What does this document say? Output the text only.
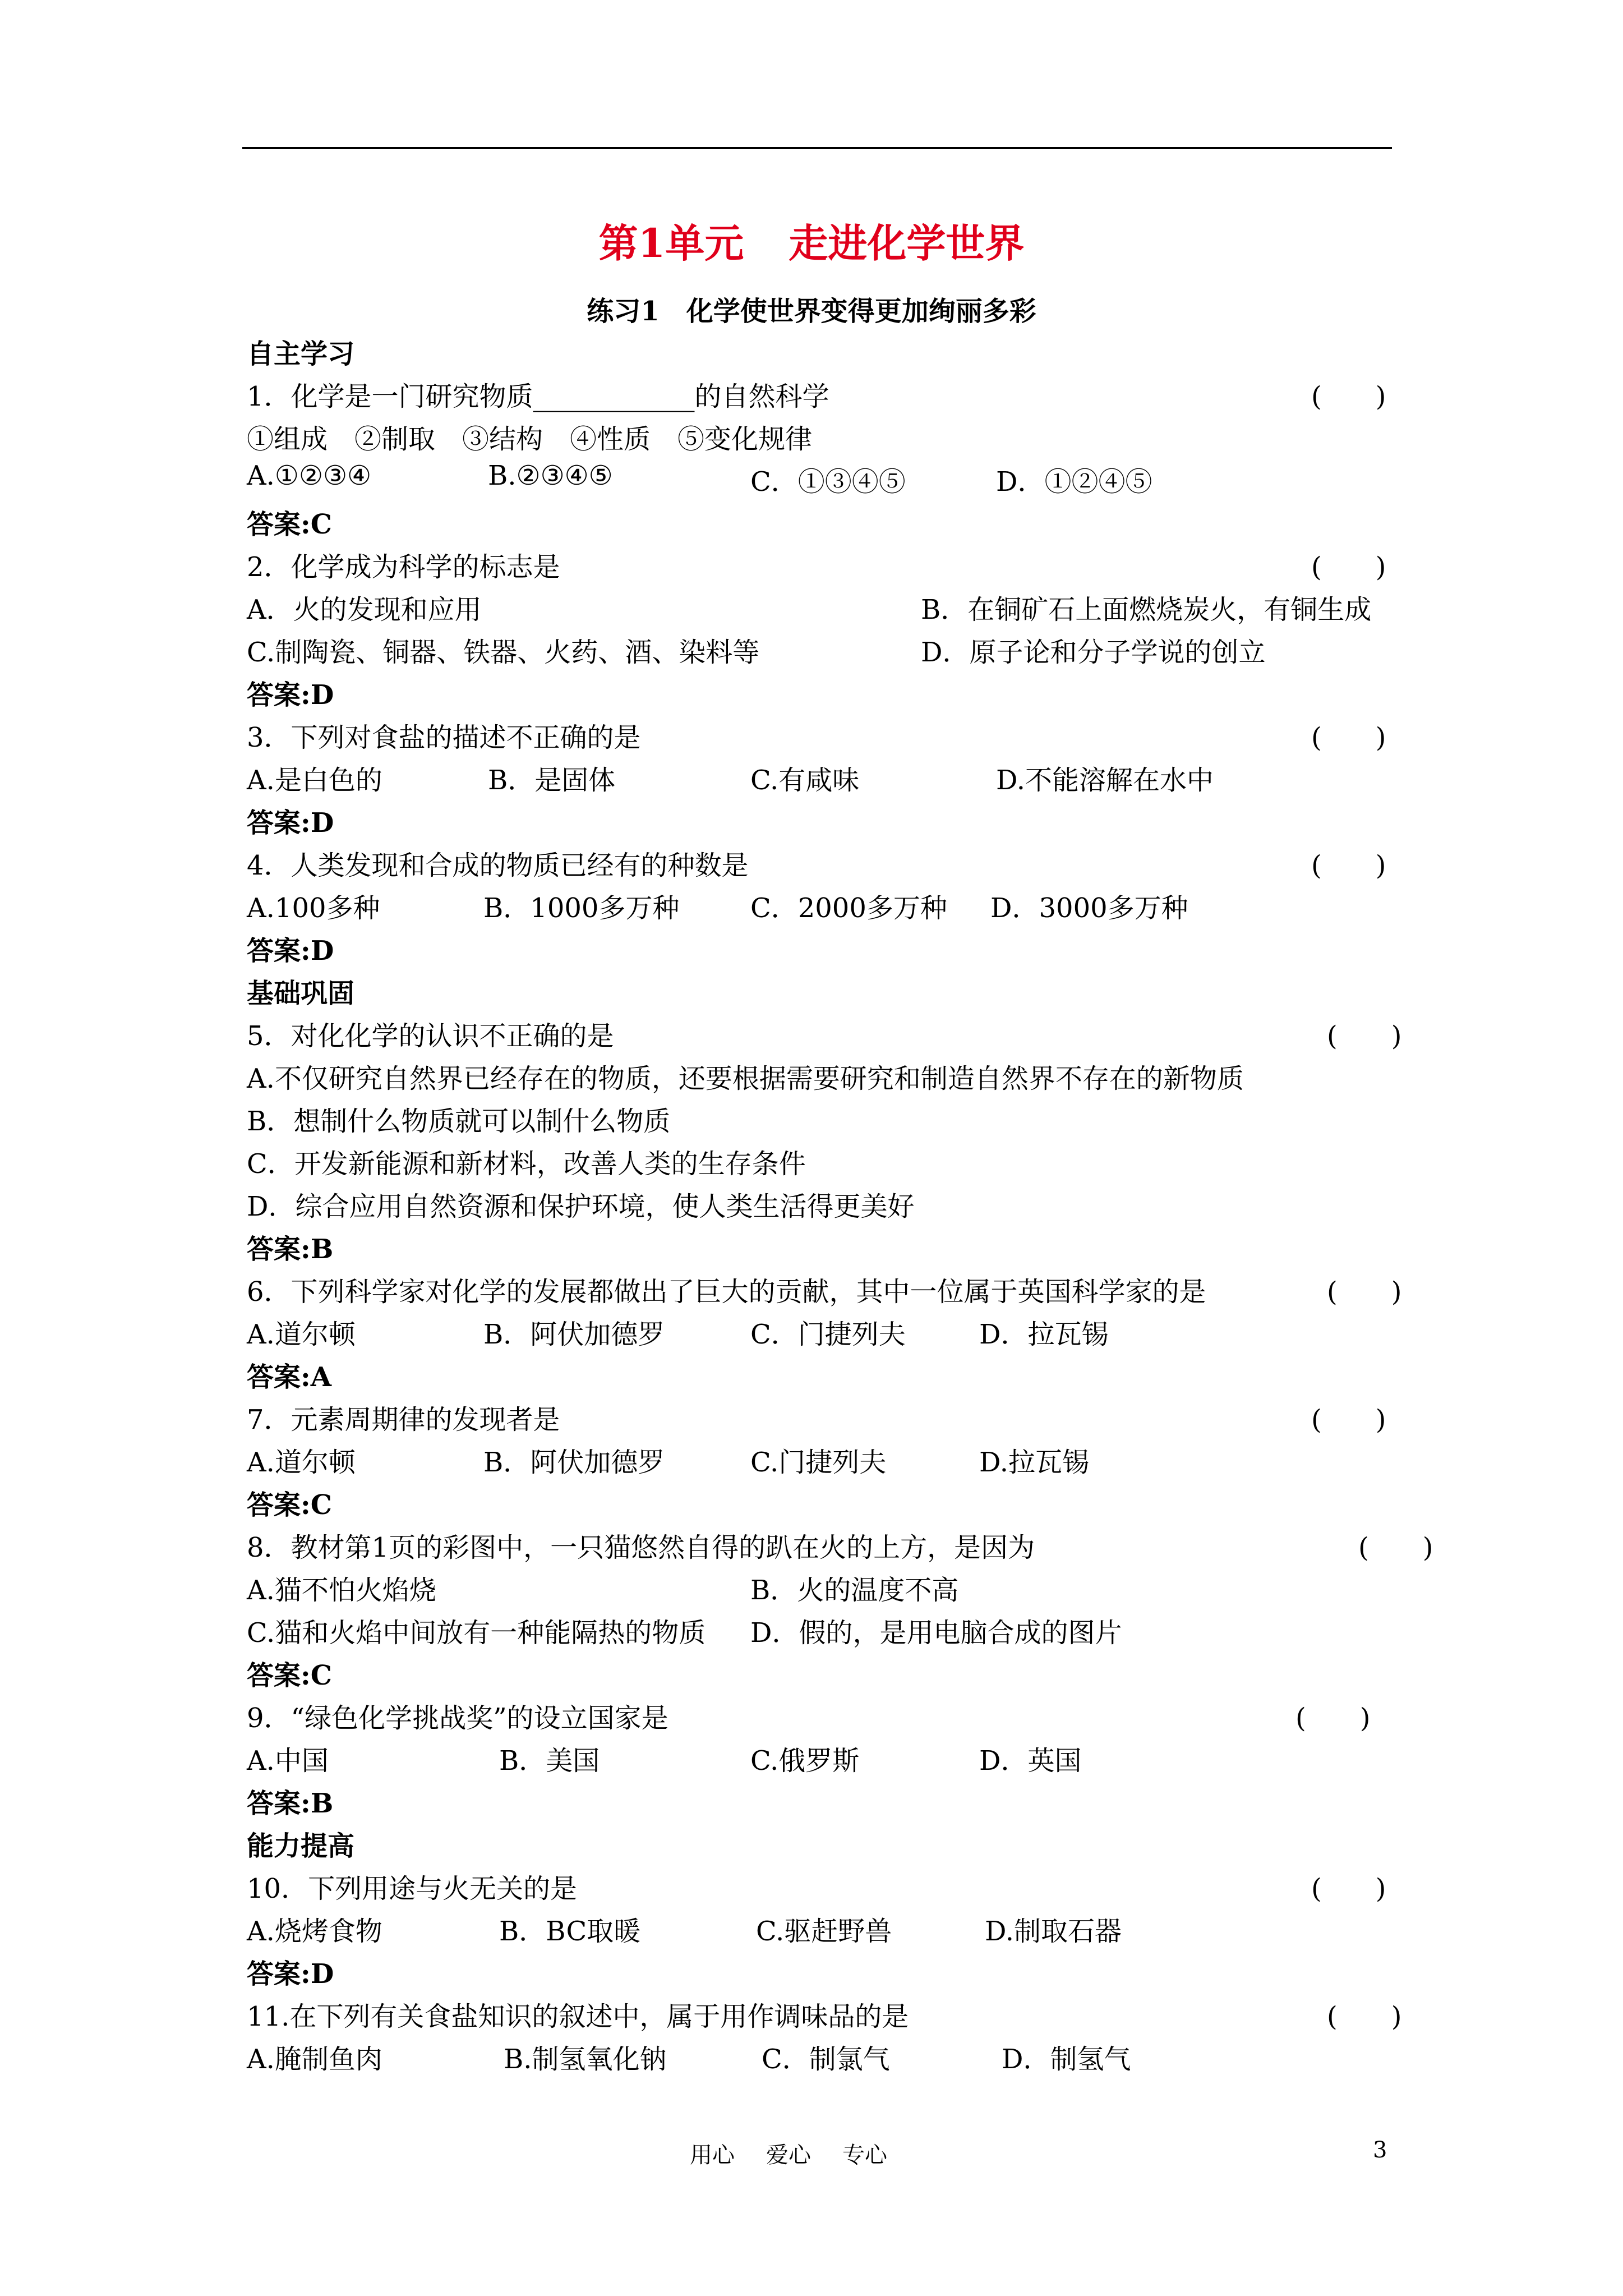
第1单元 走进化学世界
练习1　化学使世界变得更加绚丽多彩
自主学习
1．化学是一门研究物质____________的自然科学	(　　)
①组成　②制取　③结构　④性质　⑤变化规律
A.①②③④	B.②③④⑤	C．①③④⑤	D．①②④⑤
答案:C
2．化学成为科学的标志是	(　　)
A．火的发现和应用	B．在铜矿石上面燃烧炭火，有铜生成
C.制陶瓷、铜器、铁器、火药、酒、染料等	D．原子论和分子学说的创立
答案:D
3．下列对食盐的描述不正确的是	(　　)
A.是白色的	B．是固体	C.有咸味	D.不能溶解在水中
答案:D
4．人类发现和合成的物质已经有的种数是	(　　)
A.100多种	B．1000多万种	C．2000多万种 D．3000多万种
答案:D
基础巩固
5．对化化学的认识不正确的是	(　　)
A.不仅研究自然界已经存在的物质，还要根据需要研究和制造自然界不存在的新物质
B．想制什么物质就可以制什么物质
C．开发新能源和新材料，改善人类的生存条件
D．综合应用自然资源和保护环境，使人类生活得更美好
答案:B
6．下列科学家对化学的发展都做出了巨大的贡献，其中一位属于英国科学家的是	(　　)
A.道尔顿	B．阿伏加德罗	C．门捷列夫	D．拉瓦锡
答案:A
7．元素周期律的发现者是	(　　)
A.道尔顿	B．阿伏加德罗	C.门捷列夫	D.拉瓦锡
答案:C
8．教材第1页的彩图中，一只猫悠然自得的趴在火的上方，是因为	(　　)
A.猫不怕火焰烧	B．火的温度不高
C.猫和火焰中间放有一种能隔热的物质 D．假的，是用电脑合成的图片
答案:C
9．“绿色化学挑战奖”的设立国家是	(　　)
A.中国	B．美国	C.俄罗斯	D．英国
答案:B
能力提高
10．下列用途与火无关的是	(　　)
A.烧烤食物	B．BC取暖	C.驱赶野兽	D.制取石器
答案:D
11.在下列有关食盐知识的叙述中，属于用作调味品的是	(　　)
A.腌制鱼肉	B.制氢氧化钠	C．制氯气	D．制氢气
用心 爱心 专心	3
